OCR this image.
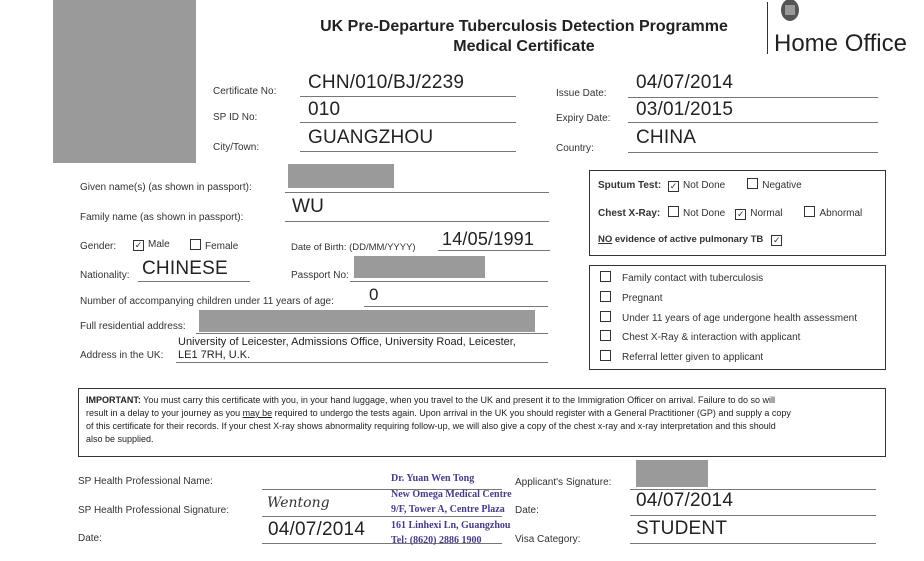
UK Pre-Departure Tuberculosis Detection Programme
Medical Certificate	Home Office
Certificate No: CHN/010/BJ/2239
SP ID No:	010
City/Town:	GUANGZHOU
Issue Date:
04/07/2014
Expiry Date: 03/01/2015
Country:
CHINA
Given name(s) (as shown in passport):
Family name (as shown in passport):
WU
Gender: ✓ Male	Female	Date of Birth: (DD/MM/YYYY) 14/05/1991
Nationality: CHINESE	Passport No:
Number of accompanying children under 11 years of age: 0
Full residential address:
Address in the UK:
University of Leicester, Admissions Office, University Road, Leicester,
LE1 7RH, U.K.
Sputum Test: ✓ Not Done	Negative
Chest X-Ray: Not Done ✓ Normal	Abnormal
NO evidence of active pulmonary TB ✓
Family contact with tuberculosis
Pregnant
Under 11 years of age undergone health assessment
Chest X-Ray & interaction with applicant
Referral letter given to applicant
IMPORTANT: You must carry this certificate with you, in your hand luggage, when you travel to the UK and present it to the Immigration Officer on arrival. Failure to do so will
result in a delay to your journey as you may be required to undergo the tests again. Upon arrival in the UK you should register with a General Practitioner (GP) and supply a copy
of this certificate for their records. If your chest X-ray shows abnormality requiring follow-up, we will also give a copy of the chest x-ray and x-ray interpretation and this should
also be supplied.
SP Health Professional Name:
SP Health Professional Signature:	Wentong
Date:	04/07/2014
Dr. Yuan Wen Tong
New Omega Medical Centre
9/F, Tower A, Centre Plaza
161 Linhexi Ln, Guangzhou
Tel: (8620) 2886 1900
Applicant's Signature:
Date:	04/07/2014
Visa Category:
STUDENT
